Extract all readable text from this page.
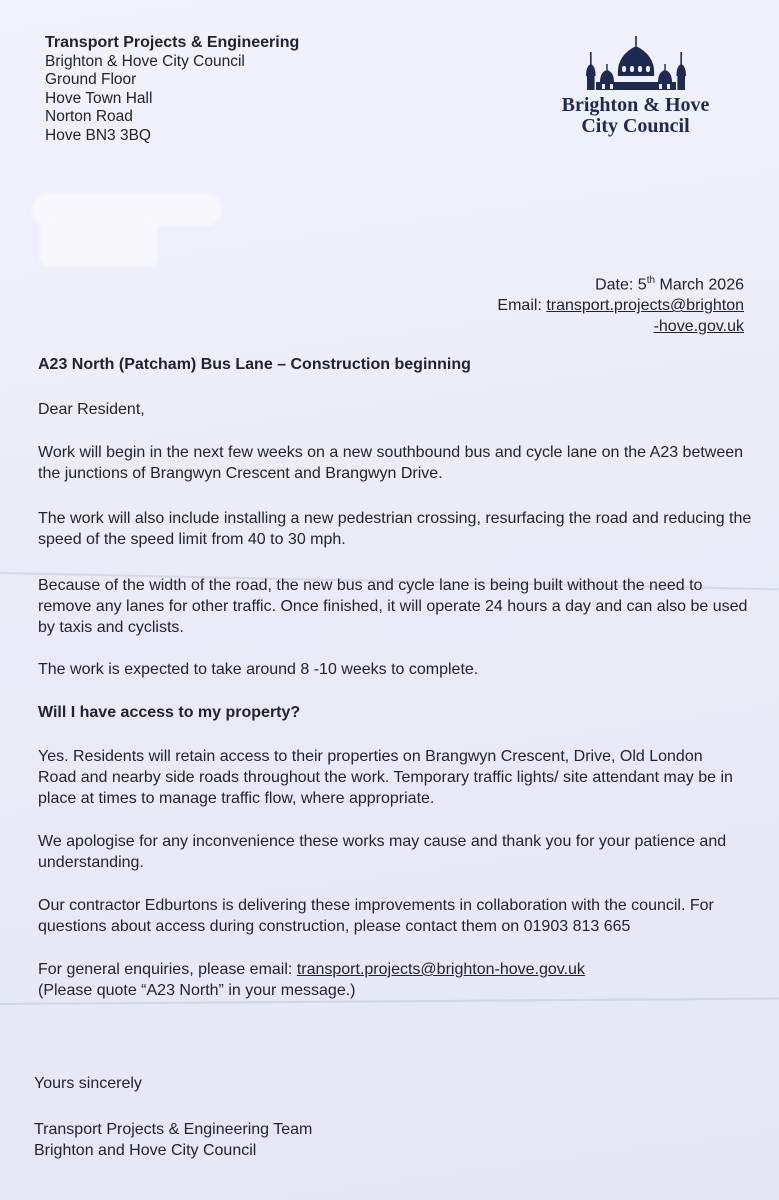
Transport Projects & Engineering
Brighton & Hove City Council
Ground Floor
Hove Town Hall
Norton Road
Hove BN3 3BQ
Brighton & Hove
City Council
Date: 5th March 2026
Email: transport.projects@brighton
-hove.gov.uk

A23 North (Patcham) Bus Lane – Construction beginning

Dear Resident,

Work will begin in the next few weeks on a new southbound bus and cycle lane on the A23 between the junctions of Brangwyn Crescent and Brangwyn Drive.

The work will also include installing a new pedestrian crossing, resurfacing the road and reducing the speed of the speed limit from 40 to 30 mph.

Because of the width of the road, the new bus and cycle lane is being built without the need to remove any lanes for other traffic. Once finished, it will operate 24 hours a day and can also be used by taxis and cyclists.

The work is expected to take around 8 -10 weeks to complete.

Will I have access to my property?

Yes. Residents will retain access to their properties on Brangwyn Crescent, Drive, Old London Road and nearby side roads throughout the work. Temporary traffic lights/ site attendant may be in place at times to manage traffic flow, where appropriate.

We apologise for any inconvenience these works may cause and thank you for your patience and understanding.

Our contractor Edburtons is delivering these improvements in collaboration with the council. For questions about access during construction, please contact them on 01903 813 665

For general enquiries, please email: transport.projects@brighton-hove.gov.uk

(Please quote “A23 North” in your message.)

Yours sincerely
Transport Projects & Engineering Team
Brighton and Hove City Council
